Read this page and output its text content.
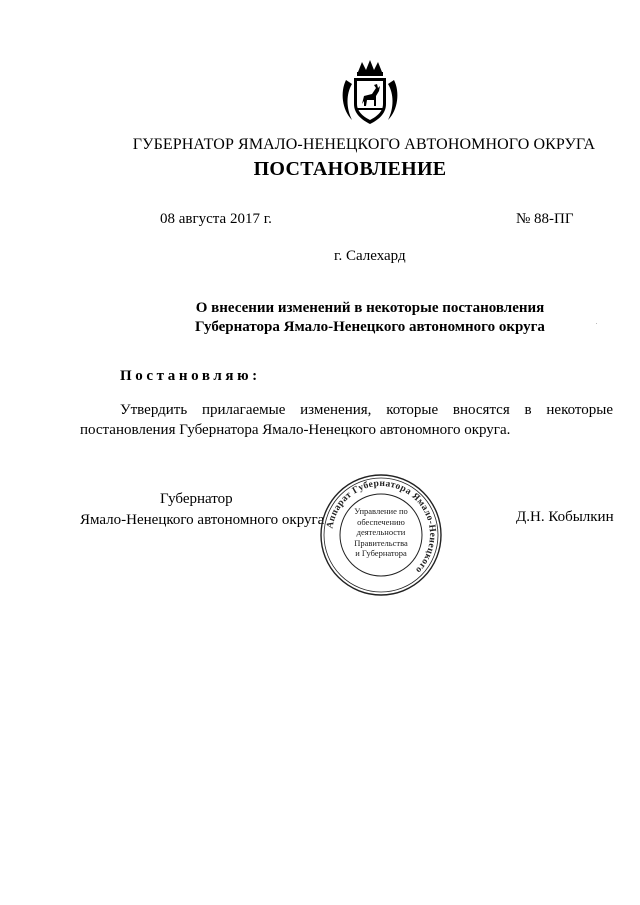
ГУБЕРНАТОР ЯМАЛО-НЕНЕЦКОГО АВТОНОМНОГО ОКРУГА
ПОСТАНОВЛЕНИЕ
08 августа 2017 г.	№ 88-ПГ
г. Салехард
О внесении изменений в некоторые постановления
Губернатора Ямало-Ненецкого автономного округа
Постановляю:
Утвердить прилагаемые изменения, которые вносятся в некоторые постановления Губернатора Ямало-Ненецкого автономного округа.
Губернатор
Ямало-Ненецкого автономного округа	Д.Н. Кобылкин
Аппарат Губернатора Ямало-Ненецкого
Управление по
обеспечению
деятельности
Правительства
и Губернатора
